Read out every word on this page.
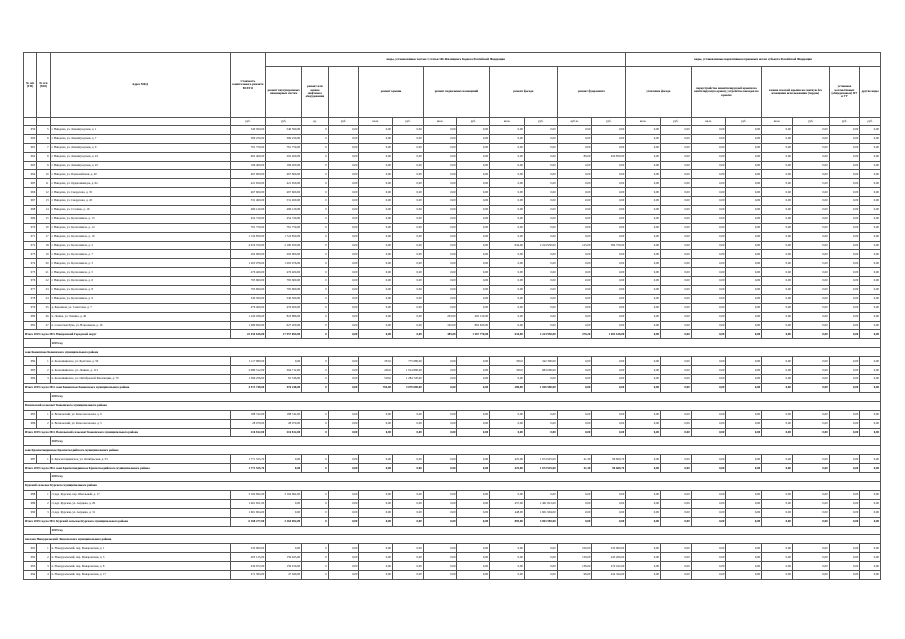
№ п/п (ГП)	№ п/п (МО)	Адрес МКД	Стоимость капитального ремонта ВСЕГО	виды, установленные частью 1 статьи 166 Жилищного Кодекса Российской Федерации											виды, установленные нормативным правовым актом субъекта Российской Федерации							
				ремонт внутридомовых инженерных систем	ремонт или замена лифтового оборудования		ремонт крыши		ремонт подвальных помещений		ремонт фасада		ремонт фундамента		утепление фасада		переустройство невентилируемой крыши на вентилируемую крышу, устройство выходов на кровлю		замена плоской крыши на скатную без изменения использования (чердак)		установка коллективных (общедомовых) ПУ и УУ	другие виды
			руб.	руб.	ед.	руб.	кв.м.	руб.	кв.м.	руб.	кв.м.	руб.	куб.м.	руб.	кв.м.	руб.	кв.м.	руб.	кв.м.	руб.	руб.	руб.
950	5	г. Няндома, ул. Ленинградская, д. 1	540 500,00	540 500,00	0	0,00	0,00	0,00	0,00	0,00	0,00	0,00	0,00	0,00	0,00	0,00	0,00	0,00	0,00	0,00	0,00	0,00
960	6	г. Няндома, ул. Ленинградская, д. 7	369 250,00	369 250,00	0	0,00	0,00	0,00	0,00	0,00	0,00	0,00	0,00	0,00	0,00	0,00	0,00	0,00	0,00	0,00	0,00	0,00
961	7	г. Няндома, ул. Ленинградская, д. 9	761 750,00	761 750,00	0	0,00	0,00	0,00	0,00	0,00	0,00	0,00	0,00	0,00	0,00	0,00	0,00	0,00	0,00	0,00	0,00	0,00
962	8	г. Няндома, ул. Ленинградская, д. 43	602 400,00	202 400,00	0	0,00	0,00	0,00	0,00	0,00	0,00	0,00	80,00	459 850,00	0,00	0,00	0,00	0,00	0,00	0,00	0,00	0,00
963	9	г. Няндома, ул. Ленинградская, д. 45	196 400,00	196 400,00	0	0,00	0,00	0,00	0,00	0,00	0,00	0,00	0,00	0,00	0,00	0,00	0,00	0,00	0,00	0,00	0,00	0,00
964	10	г. Няндома, ул. Первомайская, д. 40	467 600,00	467 600,00	0	0,00	0,00	0,00	0,00	0,00	0,00	0,00	0,00	0,00	0,00	0,00	0,00	0,00	0,00	0,00	0,00	0,00
965	11	г. Няндома, ул. Орджоникидзе, д. 62	421 650,00	421 650,00	0	0,00	0,00	0,00	0,00	0,00	0,00	0,00	0,00	0,00	0,00	0,00	0,00	0,00	0,00	0,00	0,00	0,00
966	12	г. Няндома, ул. Свердлова, д. 35	467 600,00	467 600,00	0	0,00	0,00	0,00	0,00	0,00	0,00	0,00	0,00	0,00	0,00	0,00	0,00	0,00	0,00	0,00	0,00	0,00
967	13	г. Няндома, ул. Свердлова, д. 45	531 400,00	531 400,00	0	0,00	0,00	0,00	0,00	0,00	0,00	0,00	0,00	0,00	0,00	0,00	0,00	0,00	0,00	0,00	0,00	0,00
968	14	г. Няндома, ул. Сталина, д. 19	469 120,00	469 120,00	0	0,00	0,00	0,00	0,00	0,00	0,00	0,00	0,00	0,00	0,00	0,00	0,00	0,00	0,00	0,00	0,00	0,00
969	15	г. Няндома, ул. Цесюлевича, д. 13	454 720,00	454 720,00	0	0,00	0,00	0,00	0,00	0,00	0,00	0,00	0,00	0,00	0,00	0,00	0,00	0,00	0,00	0,00	0,00	0,00
970	16	г. Няндома, ул. Цесюлевича, д. 14	761 750,00	761 750,00	0	0,00	0,00	0,00	0,00	0,00	0,00	0,00	0,00	0,00	0,00	0,00	0,00	0,00	0,00	0,00	0,00	0,00
971	17	г. Няндома, ул. Цесюлевича, д. 16	1 724 850,00	1 724 850,00	0	0,00	0,00	0,00	0,00	0,00	0,00	0,00	0,00	0,00	0,00	0,00	0,00	0,00	0,00	0,00	0,00	0,00
972	18	г. Няндома, ул. Цесюлевича, д. 2	4 919 550,00	2 100 650,00	0	0,00	0,00	0,00	0,00	0,00	634,00	2 224 950,00	125,00	584 750,00	0,00	0,00	0,00	0,00	0,00	0,00	0,00	0,00
973	19	г. Няндома, ул. Цесюлевича, д. 7	202 900,00	202 900,00	0	0,00	0,00	0,00	0,00	0,00	0,00	0,00	0,00	0,00	0,00	0,00	0,00	0,00	0,00	0,00	0,00	0,00
974	20	г. Няндома, ул. Цесюлевича, д. 3	1 205 076,00	1 205 076,00	0	0,00	0,00	0,00	0,00	0,00	0,00	0,00	0,00	0,00	0,00	0,00	0,00	0,00	0,00	0,00	0,00	0,00
975	21	г. Няндома, ул. Цесюлевича, д. 5	476 400,00	476 400,00	0	0,00	0,00	0,00	0,00	0,00	0,00	0,00	0,00	0,00	0,00	0,00	0,00	0,00	0,00	0,00	0,00	0,00
976	22	г. Няндома, ул. Цесюлевича, д. 6	795 600,00	795 600,00	0	0,00	0,00	0,00	0,00	0,00	0,00	0,00	0,00	0,00	0,00	0,00	0,00	0,00	0,00	0,00	0,00	0,00
977	23	г. Няндома, ул. Цесюлевича, д. 8	795 600,00	795 600,00	0	0,00	0,00	0,00	0,00	0,00	0,00	0,00	0,00	0,00	0,00	0,00	0,00	0,00	0,00	0,00	0,00	0,00
978	24	г. Няндома, ул. Цесюлевича, д. 9	540 500,00	540 500,00	0	0,00	0,00	0,00	0,00	0,00	0,00	0,00	0,00	0,00	0,00	0,00	0,00	0,00	0,00	0,00	0,00	0,00
979	25	д. Бережная, ул. Советская, д. 7	476 400,00	476 400,00	0	0,00	0,00	0,00	0,00	0,00	0,00	0,00	0,00	0,00	0,00	0,00	0,00	0,00	0,00	0,00	0,00	0,00
980	26	п. Лепша, ул. Ленина, д. 40	1 229 036,00	823 886,00	0	0,00	0,00	0,00	293,00	405 150,00	0,00	0,00	0,00	0,00	0,00	0,00	0,00	0,00	0,00	0,00	0,00	0,00
981	27	п. Советская Рука, ул. Вокзальная, д. 16	1 489 820,00	627 200,00	0	0,00	0,00	0,00	192,00	862 620,00	0,00	0,00	0,00	0,00	0,00	0,00	0,00	0,00	0,00	0,00	0,00	0,00
Итого 2019 год по МО. Няндомский Городской округ			22 454 636,00	17 557 894,00	0	0,00	0,00	0,00	485,00	1 267 770,00	634,00	2 224 950,00	270,20	1 403 618,00	0,00	0,00	0,00	0,00	0,00	0,00	0,00	0,00
		2019 год																				
зоне Коношское Коношского муниципального района																						
982	1	п. Коношкинское, ул. Братская, д. 59	1 117 980,00	0,00	0	0,00	353,0	775 680,00	0,00	0,00	330,0	342 300,00	0,00	0,00	0,00	0,00	0,00	0,00	0,00	0,00	0,00	0,00
983	2	п. Коношкинское, ул. Ленина, д. 113	2 989 512,00	394 712,00	0	0,00	226,0	1 914 800,00	0,00	0,00	330,0	684 000,00	0,00	0,00	0,00	0,00	0,00	0,00	0,00	0,00	0,00	0,00
984	3	п. Коношкинское, ул. Октябрьской Революции, д. 70	1 366 256,00	81 536,00	0	0,00	518,0	1 284 720,00	0,00	0,00	0,00	0,00	0,00	0,00	0,00	0,00	0,00	0,00	0,00	0,00	0,00	0,00
Итого 2019 год по МО. зоне Коношское Коношского муниципального района			4 573 748,00	476 248,00	0	0,00	704,00	3 070 600,00	0,00	0,00	380,00	1 026 900,00	0,00	0,00	0,00	0,00	0,00	0,00	0,00	0,00	0,00	0,00
		2019 год																				
Вохильский сельсовет Коношского муниципального района																						
985	1	п. Вохильский, ул. Комсомольская, д. 9	188 742,00	188 742,00	0	0,00	0,00	0,00	0,00	0,00	0,00	0,00	0,00	0,00	0,00	0,00	0,00	0,00	0,00	0,00	0,00	0,00
986	2	п. Вохильский, ул. Комсомольская, д. 5	28 070,00	28 070,00	0	0,00	0,00	0,00	0,00	0,00	0,00	0,00	0,00	0,00	0,00	0,00	0,00	0,00	0,00	0,00	0,00	0,00
Итого 2019 год по МО. Вохильский сельсовет Коношского муниципального района			216 812,00	216 812,00	0	0,00	0,00	0,00	0,00	0,00	0,00	0,00	0,00	0,00	0,00	0,00	0,00	0,00	0,00	0,00	0,00	0,00
		2019 год																				
зоне Краснотавдинское Красноталдийского муниципального района																						
987	1	п. Краснотавдинское, ул. Октябрьская, д. 53	1 771 525,70	0,00	0	0,00	0,00	0,00	0,00	0,00	425,00	1 674 925,00	41,30	96 600,70	0,00	0,00	0,00	0,00	0,00	0,00	0,00	0,00
Итого 2019 год по МО. зоне Краснотавдинское Красноталдийского муниципального района			1 771 525,70	0,00	0	0,00	0,00	0,00	0,00	0,00	425,00	1 674 925,00	41,30	96 600,70	0,00	0,00	0,00	0,00	0,00	0,00	0,00	0,00
		2019 год																				
Курский сельское Курского муниципального района																						
988	1	ст.дер. Курская, пер. Школьный, д. 17	3 164 692,00	3 164 692,00	0	0,00	0,00	0,00	0,00	0,00	0,00	0,00	0,00	0,00	0,00	0,00	0,00	0,00	0,00	0,00	0,00	0,00
989	2	ст.дер. Курская, ул. Ануцева, д. 29	1 461 651,00	0,00	0	0,00	0,00	0,00	0,00	0,00	457,00	1 461 821,00	0,00	0,00	0,00	0,00	0,00	0,00	0,00	0,00	0,00	0,00
990	3	ст.дер. Курская, ул. Ануцева, д. 31	1 601 904,00	0,00	0	0,00	0,00	0,00	0,00	0,00	448,00	1 601 904,00	0,00	0,00	0,00	0,00	0,00	0,00	0,00	0,00	0,00	0,00
Итого 2019 год по МО. Курский сельское Курского муниципального района			6 168 277,00	3 164 692,00	0	0,00	0,00	0,00	0,00	0,00	895,00	3 063 585,00	0,00	0,00	0,00	0,00	0,00	0,00	0,00	0,00	0,00	0,00
		2019 год																				
поселок Новоуральский Ленсельского муниципального района																						
991	1	п. Новоуральский, пер. Макаровская, д. 1	233 900,00	0,00	0	0,00	0,00	0,00	0,00	0,00	0,00	0,00	100,00	233 900,00	0,00	0,00	0,00	0,00	0,00	0,00	0,00	0,00
992	2	п. Новоуральский, пер. Макаровская, д. 3	403 125,00	159 925,00	0	0,00	0,00	0,00	0,00	0,00	0,00	0,00	130,00	243 200,00	0,00	0,00	0,00	0,00	0,00	0,00	0,00	0,00
993	3	п. Новоуральский, пер. Макаровская, д. 8	430 972,00	159 910,00	0	0,00	0,00	0,00	0,00	0,00	0,00	0,00	136,00	270 162,00	0,00	0,00	0,00	0,00	0,00	0,00	0,00	0,00
994	4	п. Новоуральский, пер. Макаровская, д. 17	271 584,00	47 640,00	0	0,00	0,00	0,00	0,00	0,00	0,00	0,00	96,00	224 344,00	0,00	0,00	0,00	0,00	0,00	0,00	0,00	0,00
